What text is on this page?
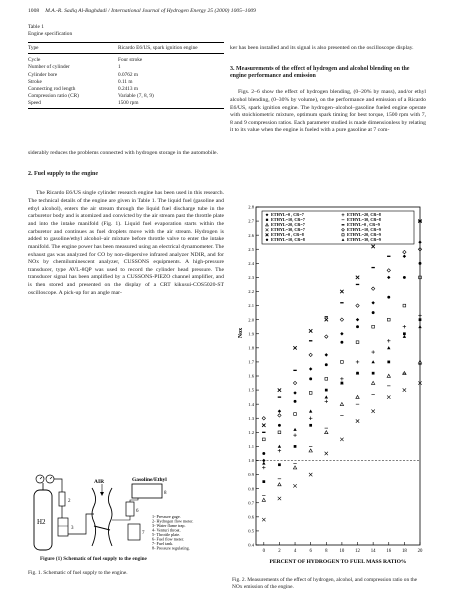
1008 M.A.-R. Sadiq Al-Baghdadi / International Journal of Hydrogen Energy 25 (2000) 1005–1009
Table 1
Engine specification
Type	Ricardo E6/US, spark ignition engine

Cycle	Four stroke
Number of cylinder	1
Cylinder bore	0.0762 m
Stroke	0.11 m
Connecting rod length	0.2413 m
Compression ratio (CR)	Variable (7, 8, 9)
Speed	1500 rpm

siderably reduces the problems connected with hydrogen storage in the automobile.

2. Fuel supply to the engine

The Ricardo E6/US single cylinder research engine has been used in this research. The technical details of the engine are given in Table 1. The liquid fuel (gasoline and ethyl alcohol), enters the air stream through the liquid fuel discharge tube in the carburetor body and is atomized and convicted by the air stream past the throttle plate and into the intake manifold (Fig. 1). Liquid fuel evaporation starts within the carburetor and continues as fuel droplets move with the air stream. Hydrogen is added to gasoline/ethyl alcohol–air mixture before throttle valve to enter the intake manifold. The engine power has been measured using an electrical dynamometer. The exhaust gas was analyzed for CO by non-dispersive infrared analyzer NDIR, and for NOx by chemiluminescent analyzer, CUSSONS equipments. A high-pressure transducer, type AVL-8QP was used to record the cylinder head pressure. The transducer signal has been amplified by a CUSSONS-PIEZO channel amplifier, and is then stored and presented on the display of a CRT kikusui-COS5020-ST oscilloscope. A pick-up for an angle mar-

ker has been installed and its signal is also presented on the oscilloscope display.

3. Measurements of the effect of hydrogen and alcohol blending on the engine performance and emission

Figs. 2–6 show the effect of hydrogen blending, (0–20% by mass), and/or ethyl alcohol blending, (0–30% by volume), on the performance and emission of a Ricardo E6/US, spark ignition engine. The hydrogen–alcohol–gasoline fueled engine operate with stoichiometric mixture, optimum spark timing for best torque, 1500 rpm with 7, 8 and 9 compression ratios. Each parameter studied is made dimensionless by relating it to its value when the engine is fueled with a pure gasoline at 7 com-

H2
2
3
AIR	Gasoline/Ethyl
8
6
7
1- Pressure gage.
2- Hydrogen flow meter.
3- Water flame trap.
4- Venturi throat.
5- Throttle plate.
6- Fuel flow meter.
7- Fuel tank.
8- Pressure regulating.
Figure (1) Schematic of fuel supply to the engine
Fig. 1. Schematic of fuel supply to the engine.
0.4
0.5
0.6
0.7
0.8
0.9
1.0
1.1
1.2
1.3
1.4
1.5
1.6
1.7
1.8
1.9
2.0
2.1
2.2
2.3
2.4
2.5
2.6
2.7
2.8
0	2	4	6	8	10 12 14 16 18 20
ETHYL=0 , CR=7
ETHYL=10, CR=7
ETHYL=20, CR=7
ETHYL=30, CR=7
ETHYL=0 , CR=8
ETHYL=10, CR=8
ETHYL=20, CR=8
ETHYL=30, CR=8
ETHYL=0 , CR=9
ETHYL=10, CR=9
ETHYL=20, CR=9
ETHYL=30, CR=9
PERCENT OF HYDROGEN TO FUEL MASS RATIO%
Nox
Fig. 2. Measurements of the effect of hydrogen, alcohol, and compression ratio on the NOx emission of the engine.
